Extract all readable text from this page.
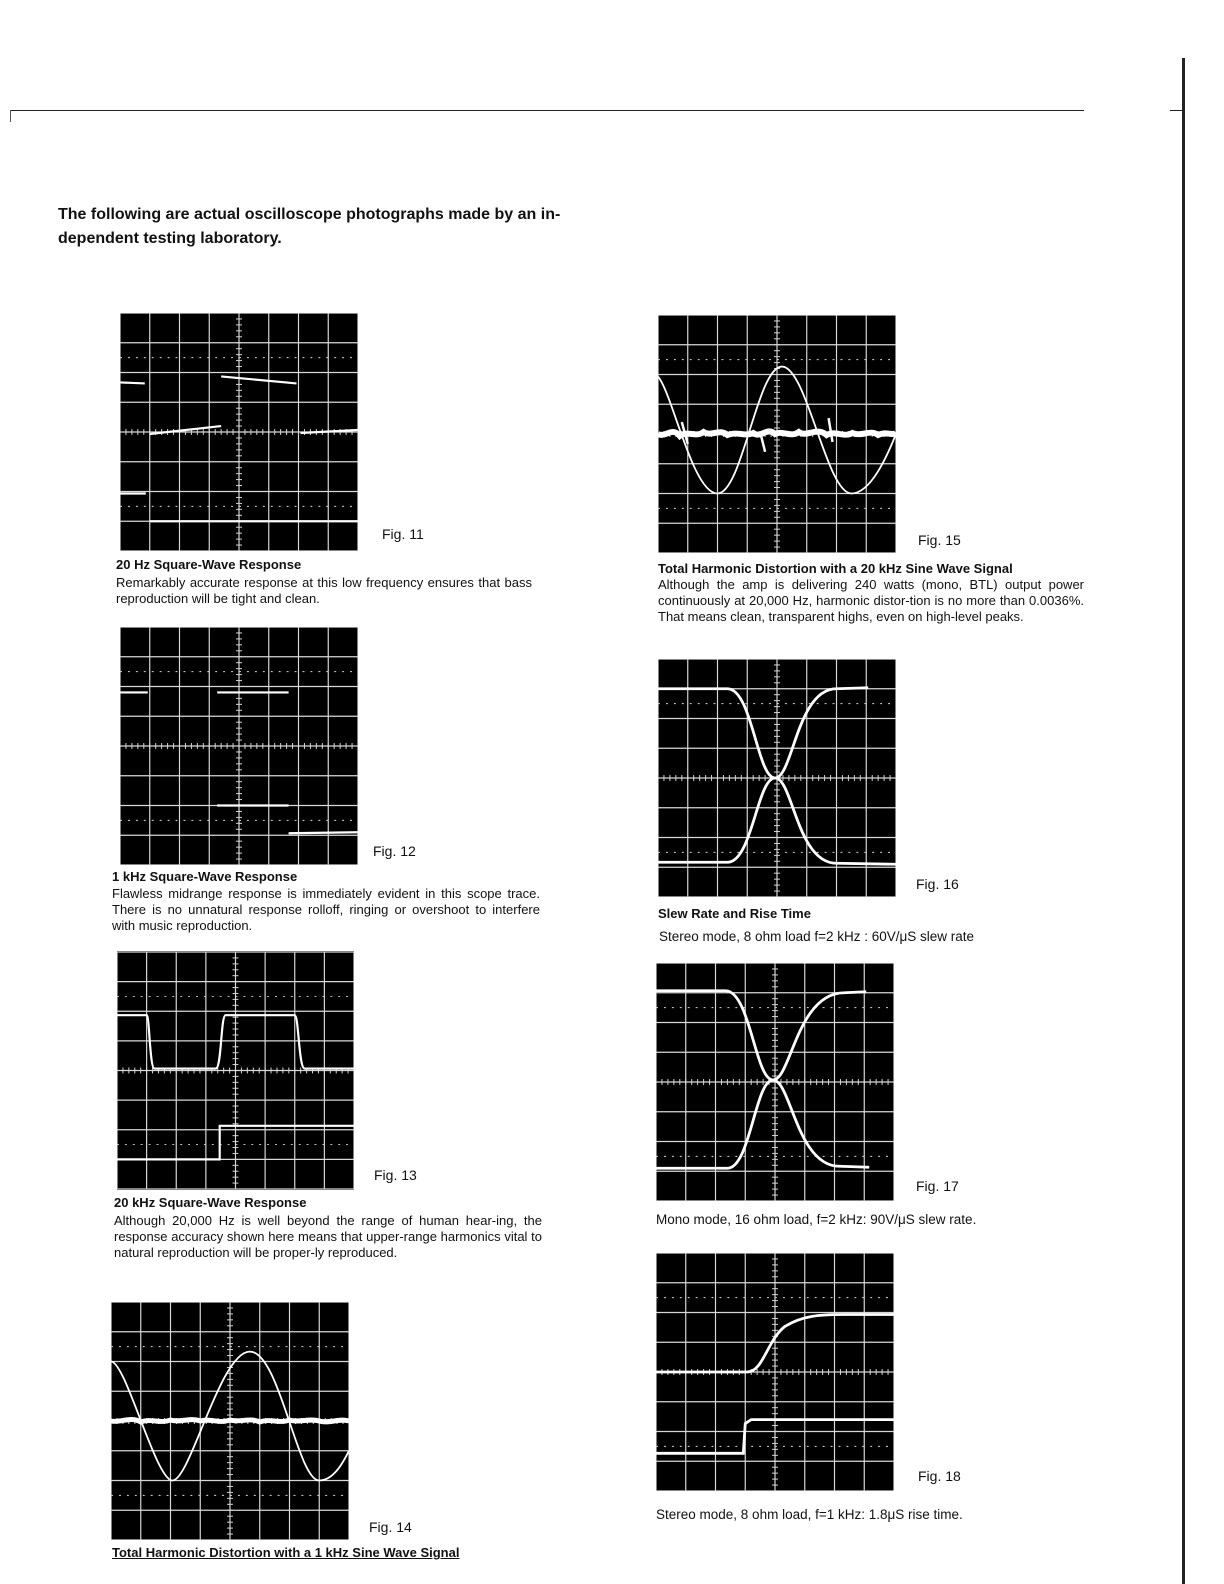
The following are actual oscilloscope photographs made by an in-dependent testing laboratory.

Fig. 11
20 Hz Square-Wave Response
Remarkably accurate response at this low frequency ensures that bass reproduction will be tight and clean.
Fig. 12
1 kHz Square-Wave Response
Flawless midrange response is immediately evident in this scope trace. There is no unnatural response rolloff, ringing or overshoot to interfere with music reproduction.
Fig. 13
20 kHz Square-Wave Response
Although 20,000 Hz is well beyond the range of human hear-ing, the response accuracy shown here means that upper-range harmonics vital to natural reproduction will be proper-ly reproduced.
Fig. 14
Total Harmonic Distortion with a 1 kHz Sine Wave Signal
Fig. 15
Total Harmonic Distortion with a 20 kHz Sine Wave Signal
Although the amp is delivering 240 watts (mono, BTL) output power continuously at 20,000 Hz, harmonic distor-tion is no more than 0.0036%. That means clean, transparent highs, even on high-level peaks.
Fig. 16
Slew Rate and Rise Time
Stereo mode, 8 ohm load f=2 kHz : 60V/μS slew rate
Fig. 17
Mono mode, 16 ohm load, f=2 kHz: 90V/μS slew rate.
Fig. 18
Stereo mode, 8 ohm load, f=1 kHz: 1.8μS rise time.
